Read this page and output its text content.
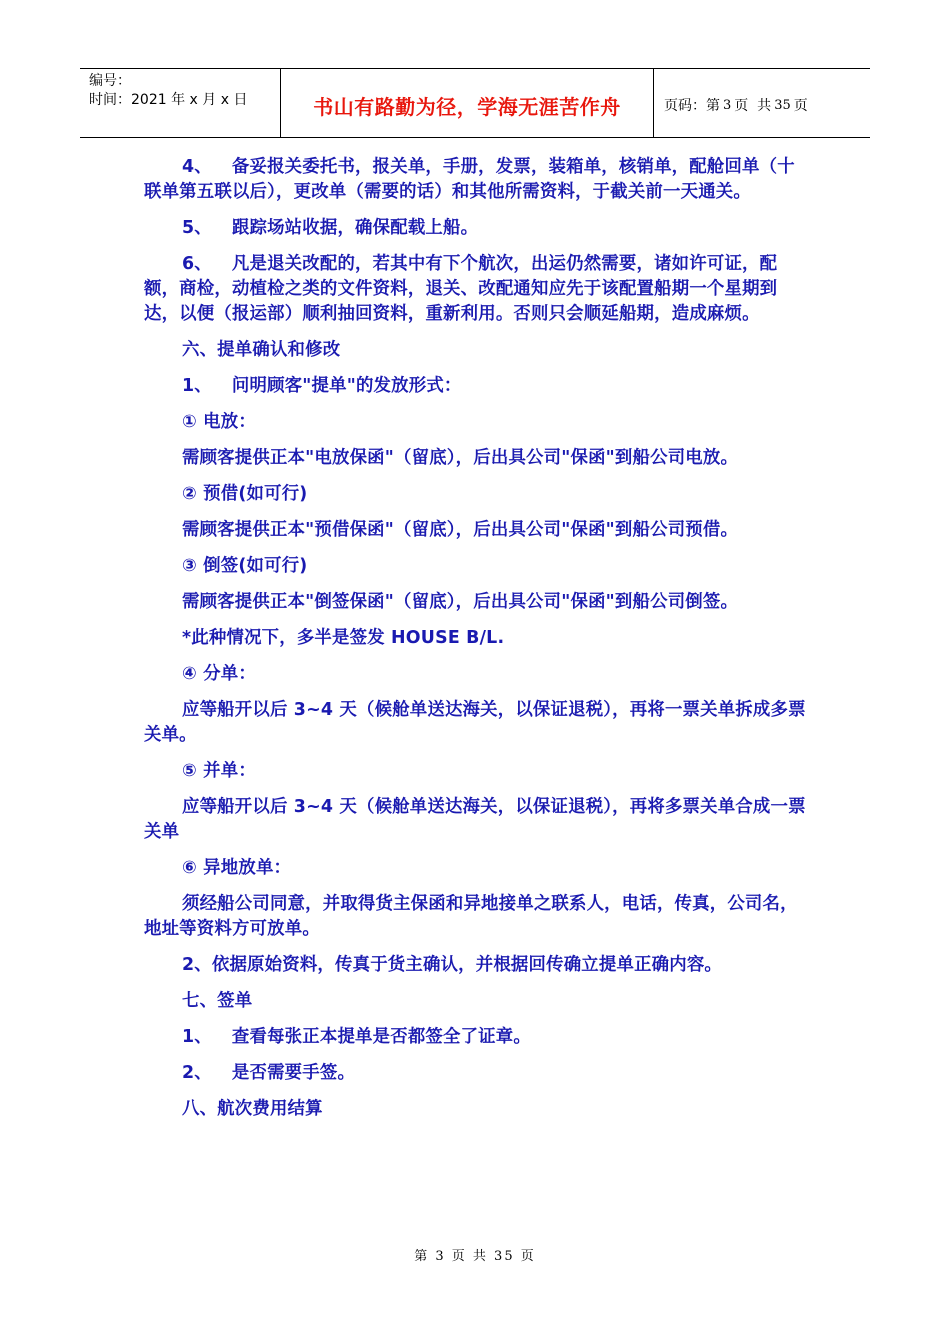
编号：
时间：2021 年 x 月 x 日	书山有路勤为径，学海无涯苦作舟	页码：第 3 页  共 35 页

4、 备妥报关委托书，报关单，手册，发票，装箱单，核销单，配舱回单（十联单第五联以后），更改单（需要的话）和其他所需资料，于截关前一天通关。

5、 跟踪场站收据，确保配载上船。

6、 凡是退关改配的，若其中有下个航次，出运仍然需要，诸如许可证，配额，商检，动植检之类的文件资料，退关、改配通知应先于该配置船期一个星期到达，以便（报运部）顺利抽回资料，重新利用。否则只会顺延船期，造成麻烦。

六、提单确认和修改

1、 问明顾客"提单"的发放形式：

① 电放：

需顾客提供正本"电放保函"（留底），后出具公司"保函"到船公司电放。

② 预借(如可行)

需顾客提供正本"预借保函"（留底），后出具公司"保函"到船公司预借。

③ 倒签(如可行)

需顾客提供正本"倒签保函"（留底），后出具公司"保函"到船公司倒签。

*此种情况下，多半是签发 HOUSE B/L.

④ 分单：

应等船开以后 3~4 天（候舱单送达海关，以保证退税），再将一票关单拆成多票关单。

⑤ 并单：

应等船开以后 3~4 天（候舱单送达海关，以保证退税），再将多票关单合成一票关单

⑥ 异地放单：

须经船公司同意，并取得货主保函和异地接单之联系人，电话，传真，公司名，地址等资料方可放单。

2、依据原始资料，传真于货主确认，并根据回传确立提单正确内容。

七、签单

1、 查看每张正本提单是否都签全了证章。

2、 是否需要手签。

八、航次费用结算

第 3 页 共 35 页
